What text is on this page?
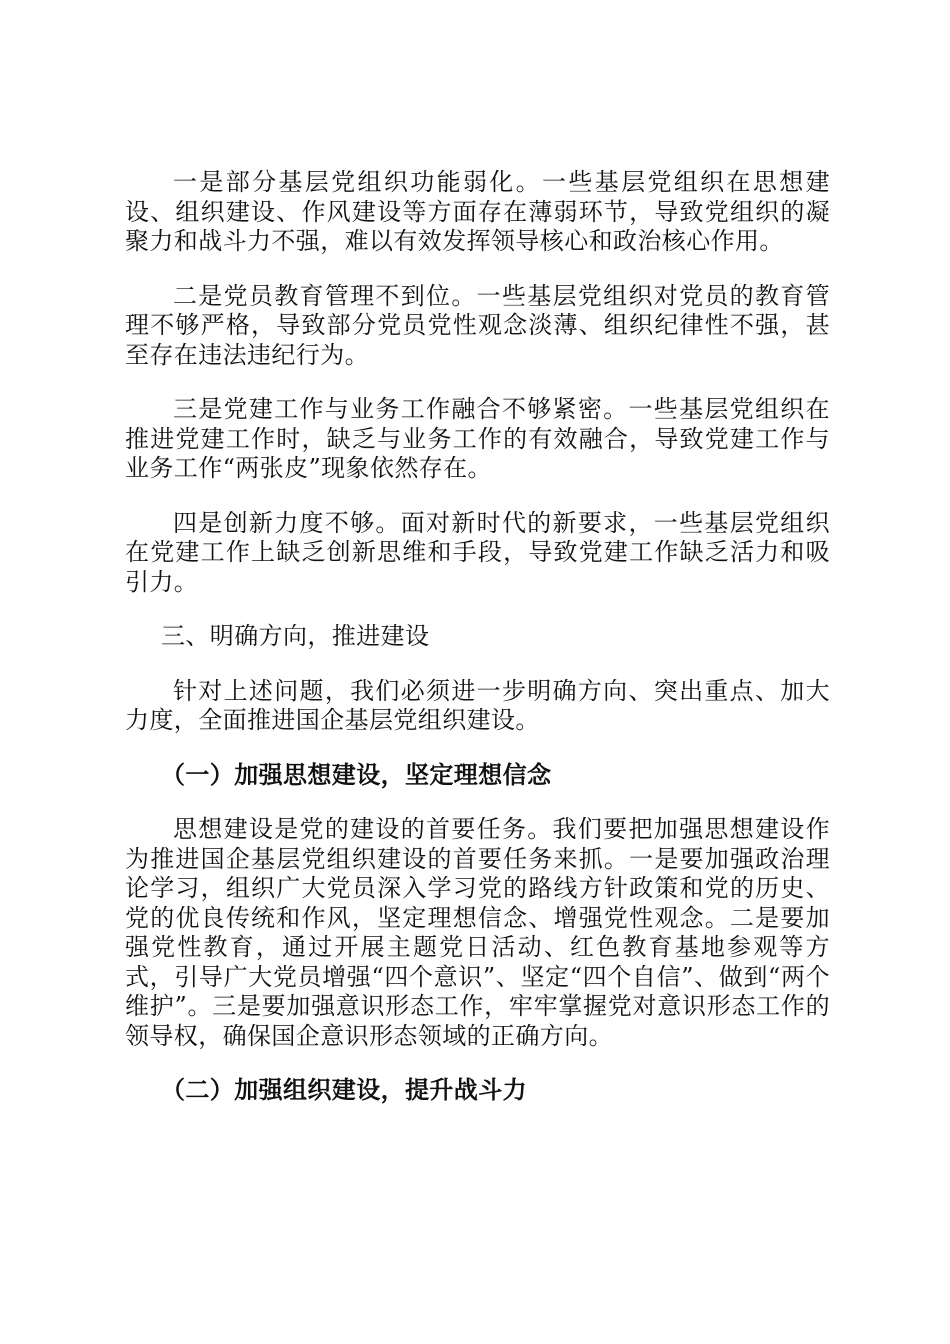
一是部分基层党组织功能弱化。一些基层党组织在思想建设、组织建设、作风建设等方面存在薄弱环节，导致党组织的凝聚力和战斗力不强，难以有效发挥领导核心和政治核心作用。

二是党员教育管理不到位。一些基层党组织对党员的教育管理不够严格，导致部分党员党性观念淡薄、组织纪律性不强，甚至存在违法违纪行为。

三是党建工作与业务工作融合不够紧密。一些基层党组织在推进党建工作时，缺乏与业务工作的有效融合，导致党建工作与业务工作“两张皮”现象依然存在。

四是创新力度不够。面对新时代的新要求，一些基层党组织在党建工作上缺乏创新思维和手段，导致党建工作缺乏活力和吸引力。

三、明确方向，推进建设

针对上述问题，我们必须进一步明确方向、突出重点、加大力度，全面推进国企基层党组织建设。

（一）加强思想建设，坚定理想信念

思想建设是党的建设的首要任务。我们要把加强思想建设作为推进国企基层党组织建设的首要任务来抓。一是要加强政治理论学习，组织广大党员深入学习党的路线方针政策和党的历史、党的优良传统和作风，坚定理想信念、增强党性观念。二是要加强党性教育，通过开展主题党日活动、红色教育基地参观等方式，引导广大党员增强“四个意识”、坚定“四个自信”、做到“两个维护”。三是要加强意识形态工作，牢牢掌握党对意识形态工作的领导权，确保国企意识形态领域的正确方向。

（二）加强组织建设，提升战斗力
